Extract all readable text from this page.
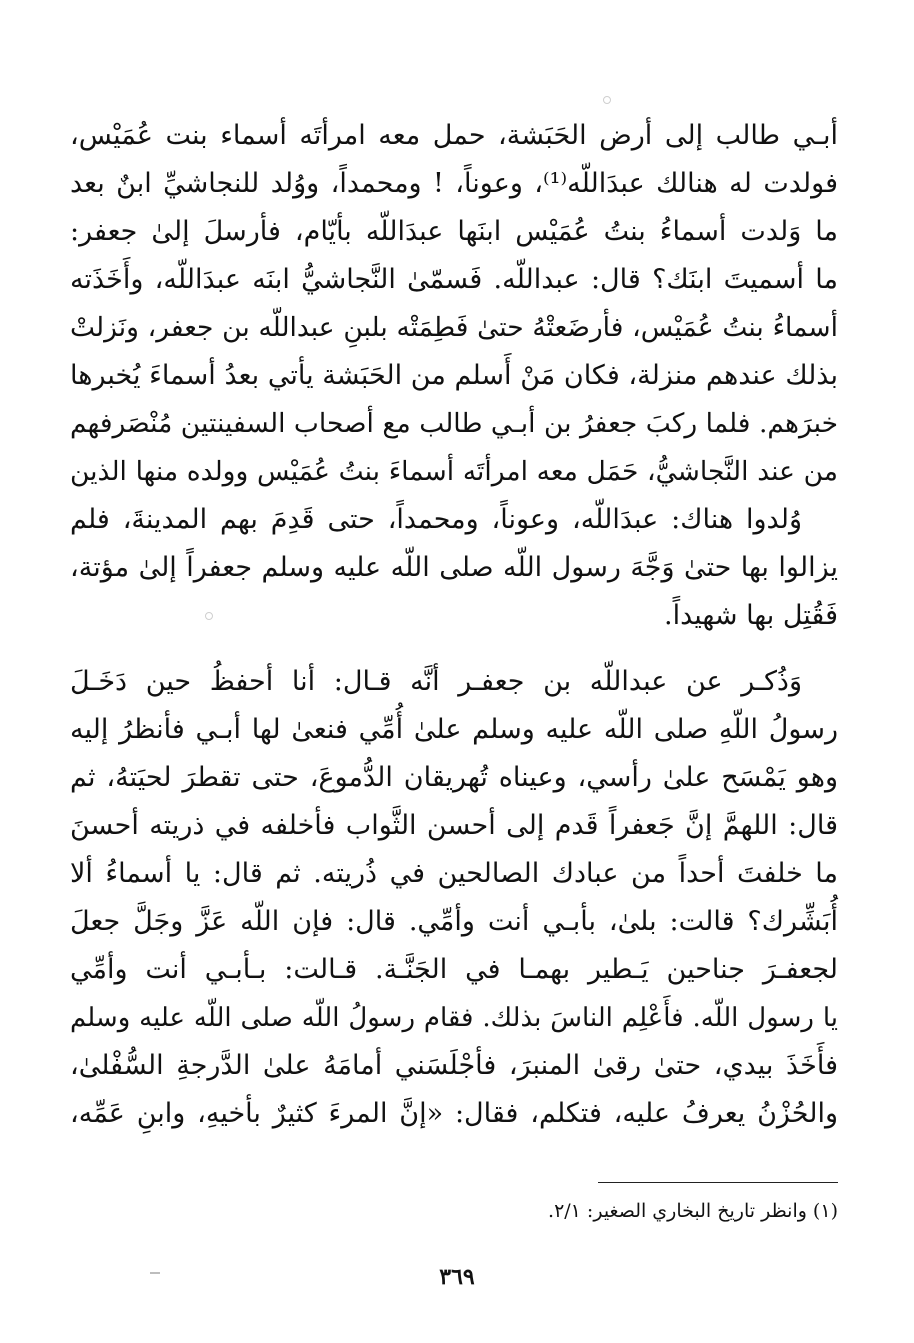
أبـي طالب إلى أرض الحَبَشة، حمل معه امرأتَه أسماء بنت عُمَيْس،
فولدت له هنالك عبدَاللّه⁽¹⁾، وعوناً، ! ومحمداً، ووُلد للنجاشيِّ ابنٌ بعد
ما وَلدت أسماءُ بنتُ عُمَيْس ابنَها عبدَاللّه بأيّام، فأرسلَ إلىٰ جعفر:
ما أسميتَ ابنَك؟ قال: عبداللّه. فَسمّىٰ النَّجاشيُّ ابنَه عبدَاللّه، وأَخَذَته
أسماءُ بنتُ عُمَيْس، فأرضَعتْهُ حتىٰ فَطِمَتْه بلبنِ عبداللّه بن جعفر، ونَزلتْ
بذلك عندهم منزلة، فكان مَنْ أَسلم من الحَبَشة يأتي بعدُ أسماءَ يُخبرها
خبرَهم. فلما ركبَ جعفرُ بن أبـي طالب مع أصحاب السفينتين مُنْصَرفهم
من عند النَّجاشيُّ، حَمَل معه امرأتَه أسماءَ بنتُ عُمَيْس وولده منها الذين
وُلدوا هناك: عبدَاللّه، وعوناً، ومحمداً، حتى قَدِمَ بهم المدينةَ، فلم
يزالوا بها حتىٰ وَجَّهَ رسول اللّه صلى اللّه عليه وسلم جعفراً إلىٰ مؤتة،
فَقُتِل بها شهيداً.
وَذُكـر عن عبداللّه بن جعفـر أنَّه قـال: أنا أحفظُ حين دَخَـلَ
رسولُ اللّهِ صلى اللّه عليه وسلم علىٰ أُمِّي فنعىٰ لها أبـي فأنظرُ إليه
وهو يَمْسَح علىٰ رأسي، وعيناه تُهريقان الدُّموعَ، حتى تقطرَ لحيَتهُ، ثم
قال: اللهمَّ إنَّ جَعفراً قَدم إلى أحسن الثَّواب فأخلفه في ذريته أحسنَ
ما خلفتَ أحداً من عبادك الصالحين في ذُريته. ثم قال: يا أسماءُ ألا
أُبَشِّرك؟ قالت: بلىٰ، بأبـي أنت وأمِّي. قال: فإن اللّه عَزَّ وجَلَّ جعلَ
لجعفـرَ جناحين يَـطير بهمـا في الجَنَّـة. قـالت: بـأبـي أنت وأمِّي
يا رسول اللّه. فأَعْلِم الناسَ بذلك. فقام رسولُ اللّه صلى اللّه عليه وسلم
فأَخَذَ بيدي، حتىٰ رقىٰ المنبرَ، فأجْلَسَني أمامَهُ علىٰ الدَّرجةِ السُّفْلىٰ،
والحُزْنُ يعرفُ عليه، فتكلم، فقال: «إنَّ المرءَ كثيرٌ بأخيهِ، وابنِ عَمِّه،
(١) وانظر تاريخ البخاري الصغير: ٢/١.
٣٦٩
